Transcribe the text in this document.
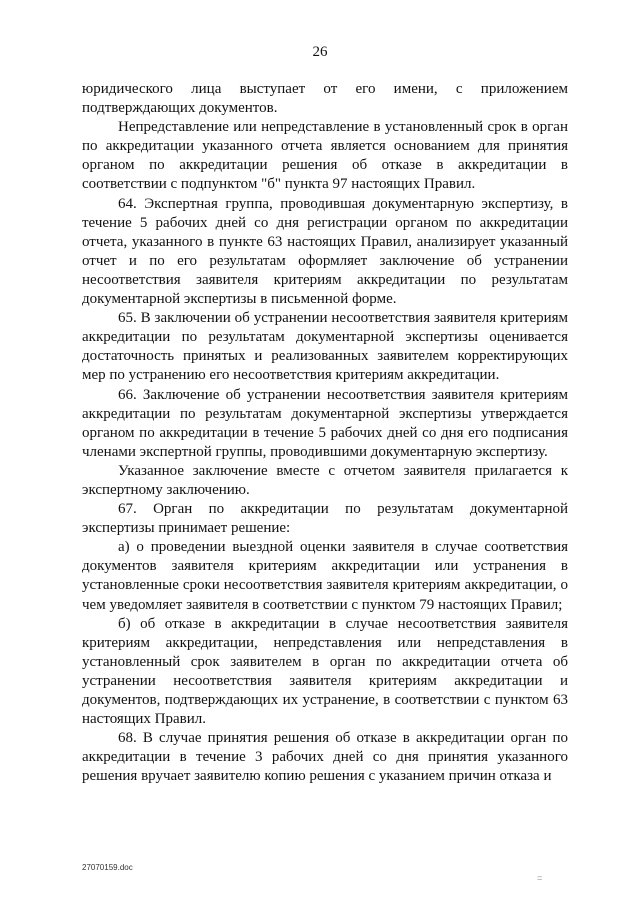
26

юридического лица выступает от его имени, с приложением подтверждающих документов.

Непредставление или непредставление в установленный срок в орган по аккредитации указанного отчета является основанием для принятия органом по аккредитации решения об отказе в аккредитации в соответствии с подпунктом "б" пункта 97 настоящих Правил.

64. Экспертная группа, проводившая документарную экспертизу, в течение 5 рабочих дней со дня регистрации органом по аккредитации отчета, указанного в пункте 63 настоящих Правил, анализирует указанный отчет и по его результатам оформляет заключение об устранении несоответствия заявителя критериям аккредитации по результатам документарной экспертизы в письменной форме.

65. В заключении об устранении несоответствия заявителя критериям аккредитации по результатам документарной экспертизы оценивается достаточность принятых и реализованных заявителем корректирующих мер по устранению его несоответствия критериям аккредитации.

66. Заключение об устранении несоответствия заявителя критериям аккредитации по результатам документарной экспертизы утверждается органом по аккредитации в течение 5 рабочих дней со дня его подписания членами экспертной группы, проводившими документарную экспертизу.

Указанное заключение вместе с отчетом заявителя прилагается к экспертному заключению.

67. Орган по аккредитации по результатам документарной экспертизы принимает решение:

а) о проведении выездной оценки заявителя в случае соответствия документов заявителя критериям аккредитации или устранения в установленные сроки несоответствия заявителя критериям аккредитации, о чем уведомляет заявителя в соответствии с пунктом 79 настоящих Правил;

б) об отказе в аккредитации в случае несоответствия заявителя критериям аккредитации, непредставления или непредставления в установленный срок заявителем в орган по аккредитации отчета об устранении несоответствия заявителя критериям аккредитации и документов, подтверждающих их устранение, в соответствии с пунктом 63 настоящих Правил.

68. В случае принятия решения об отказе в аккредитации орган по аккредитации в течение 3 рабочих дней со дня принятия указанного решения вручает заявителю копию решения с указанием причин отказа и

27070159.doc
=
